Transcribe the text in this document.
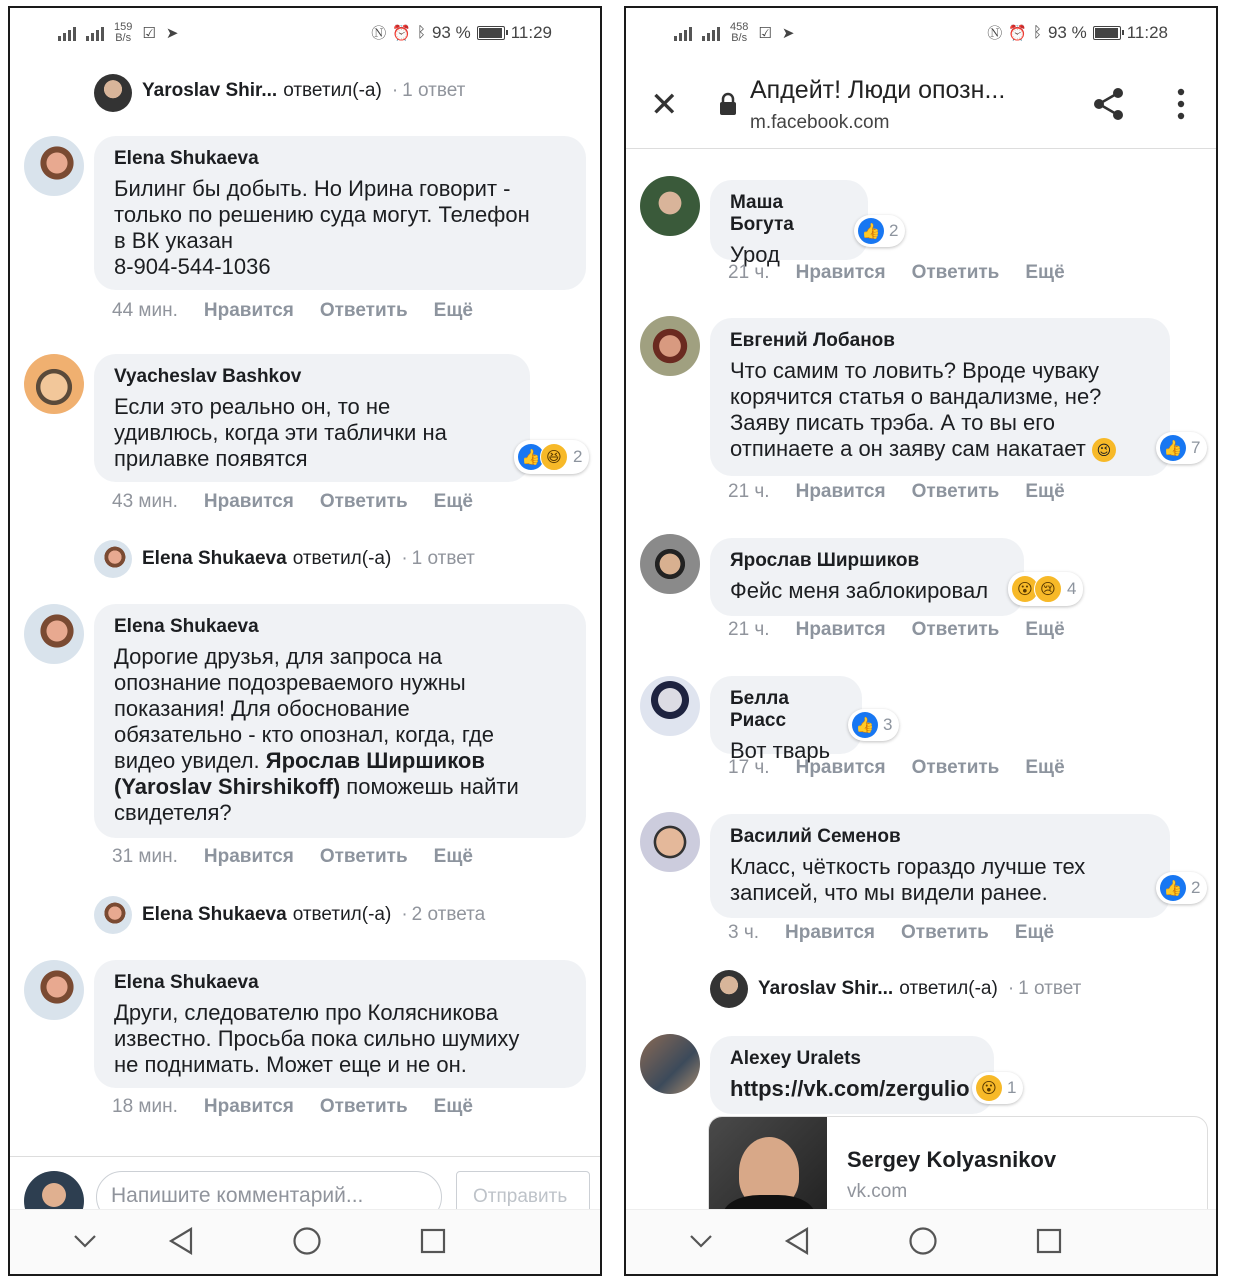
159
B/s ☑ ➤	Ⓝ ⏰ ᛒ 93 % 11:29
Yaroslav Shir... ответил(-а) · 1 ответ
Elena Shukaeva
Билинг бы добыть. Но Ирина говорит -
только по решению суда могут. Телефон
в ВК указан
8-904-544-1036
44 мин. Нравится Ответить Ещё
Vyacheslav Bashkov
Если это реально он, то не
удивлюсь, когда эти таблички на
прилавке появятся	👍 😆 2
43 мин. Нравится Ответить Ещё
Elena Shukaeva ответил(-а) · 1 ответ
Elena Shukaeva
Дорогие друзья, для запроса на
опознание подозреваемого нужны
показания! Для обоснование
обязательно - кто опознал, когда, где
видео увидел. Ярослав Ширшиков
(Yaroslav Shirshikoff) поможешь найти
свидетеля?
31 мин. Нравится Ответить Ещё
Elena Shukaeva ответил(-а) · 2 ответа
Elena Shukaeva
Други, следователю про Колясникова
известно. Просьба пока сильно шумиху
не поднимать. Может еще и не он.
18 мин. Нравится Ответить Ещё
Напишите комментарий...	Отправить
458
B/s ☑ ➤	Ⓝ ⏰ ᛒ 93 % 11:28
✕	Апдейт! Люди опозн...
m.facebook.com
Маша Богута
Урод
👍 2
21 ч. Нравится Ответить Ещё
Евгений Лобанов
Что самим то ловить? Вроде чуваку
корячится статья о вандализме, не?
Заяву писать трэба. А то вы его
отпинаете а он заяву сам накатает 😉	👍 7
21 ч. Нравится Ответить Ещё
Ярослав Ширшиков
Фейс меня заблокировал	😮 😢 4
21 ч. Нравится Ответить Ещё
Белла Риасс
Вот тварь
👍 3
17 ч. Нравится Ответить Ещё
Василий Семенов
Класс, чёткость гораздо лучше тех
записей, что мы видели ранее.	👍 2
3 ч. Нравится Ответить Ещё
Yaroslav Shir... ответил(-а) · 1 ответ
Alexey Uralets
https://vk.com/zergulio 😮 1
Sergey Kolyasnikov
vk.com
